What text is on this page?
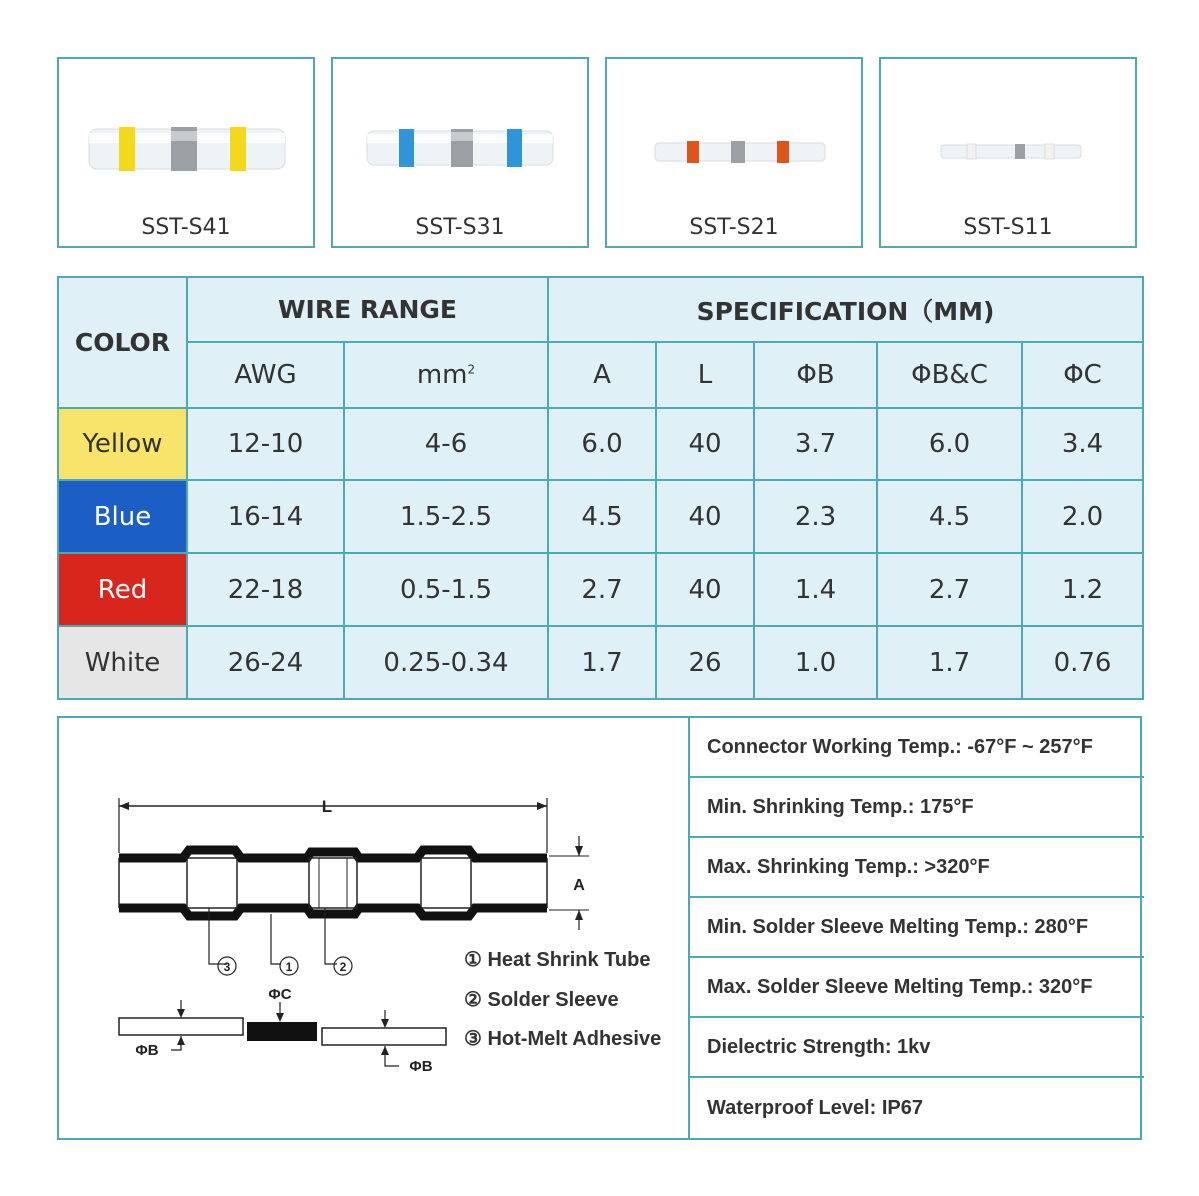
SST-S41	SST-S31	SST-S21	SST-S11
COLOR	WIRE RANGE		SPECIFICATION（MM)				
	AWG	$mm^2$	A	L	ΦB	ΦB&C	ΦC
Yellow	12-10	4-6	6.0	40	3.7	6.0	3.4
Blue	16-14	1.5-2.5	4.5	40	2.3	4.5	2.0
Red	22-18	0.5-1.5	2.7	40	1.4	2.7	1.2
White	26-24	0.25-0.34	1.7	26	1.0	1.7	0.76
L
A
3	1	2
ΦC
ΦB
ΦB
① Heat Shrink Tube
② Solder Sleeve
③ Hot-Melt Adhesive
Connector Working Temp.: -67°F ~ 257°F
Min. Shrinking Temp.: 175°F
Max. Shrinking Temp.: >320°F
Min. Solder Sleeve Melting Temp.: 280°F
Max. Solder Sleeve Melting Temp.: 320°F
Dielectric Strength: 1kv
Waterproof Level: IP67
